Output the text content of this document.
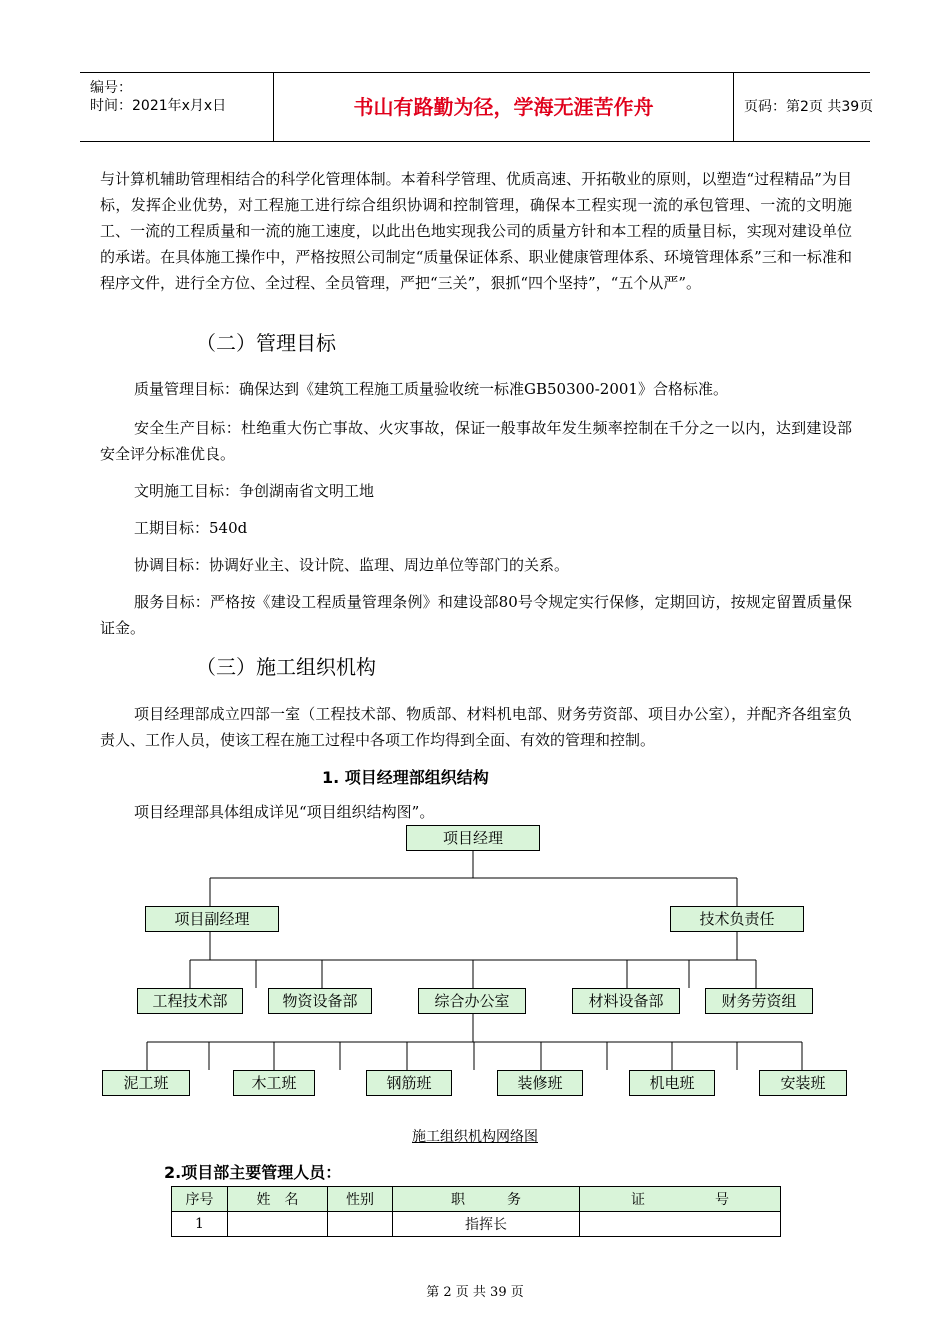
编号：
时间：2021年x月x日	书山有路勤为径，学海无涯苦作舟	页码：第2页 共39页
与计算机辅助管理相结合的科学化管理体制。本着科学管理、优质高速、开拓敬业的原则，以塑造“过程精品”为目标，发挥企业优势，对工程施工进行综合组织协调和控制管理，确保本工程实现一流的承包管理、一流的文明施工、一流的工程质量和一流的施工速度，以此出色地实现我公司的质量方针和本工程的质量目标，实现对建设单位的承诺。在具体施工操作中，严格按照公司制定“质量保证体系、职业健康管理体系、环境管理体系”三和一标准和程序文件，进行全方位、全过程、全员管理，严把“三关”，狠抓“四个坚持”，“五个从严”。
（二）管理目标
质量管理目标：确保达到《建筑工程施工质量验收统一标准GB50300-2001》合格标准。
安全生产目标：杜绝重大伤亡事故、火灾事故，保证一般事故年发生频率控制在千分之一以内，达到建设部安全评分标准优良。
文明施工目标：争创湖南省文明工地
工期目标：540d
协调目标：协调好业主、设计院、监理、周边单位等部门的关系。
服务目标：严格按《建设工程质量管理条例》和建设部80号令规定实行保修，定期回访，按规定留置质量保证金。
（三）施工组织机构
项目经理部成立四部一室（工程技术部、物质部、材料机电部、财务劳资部、项目办公室），并配齐各组室负责人、工作人员，使该工程在施工过程中各项工作均得到全面、有效的管理和控制。
1. 项目经理部组织结构
项目经理部具体组成详见“项目组织结构图”。
项目经理
项目副经理	技术负责任
工程技术部	物资设备部	综合办公室	材料设备部	财务劳资组
泥工班	木工班	钢筋班	装修班	机电班	安装班
施工组织机构网络图
2.项目部主要管理人员：
序号	姓　名	性别	职　　　务	证　　　　　号
1			指挥长	
第 2 页 共 39 页
